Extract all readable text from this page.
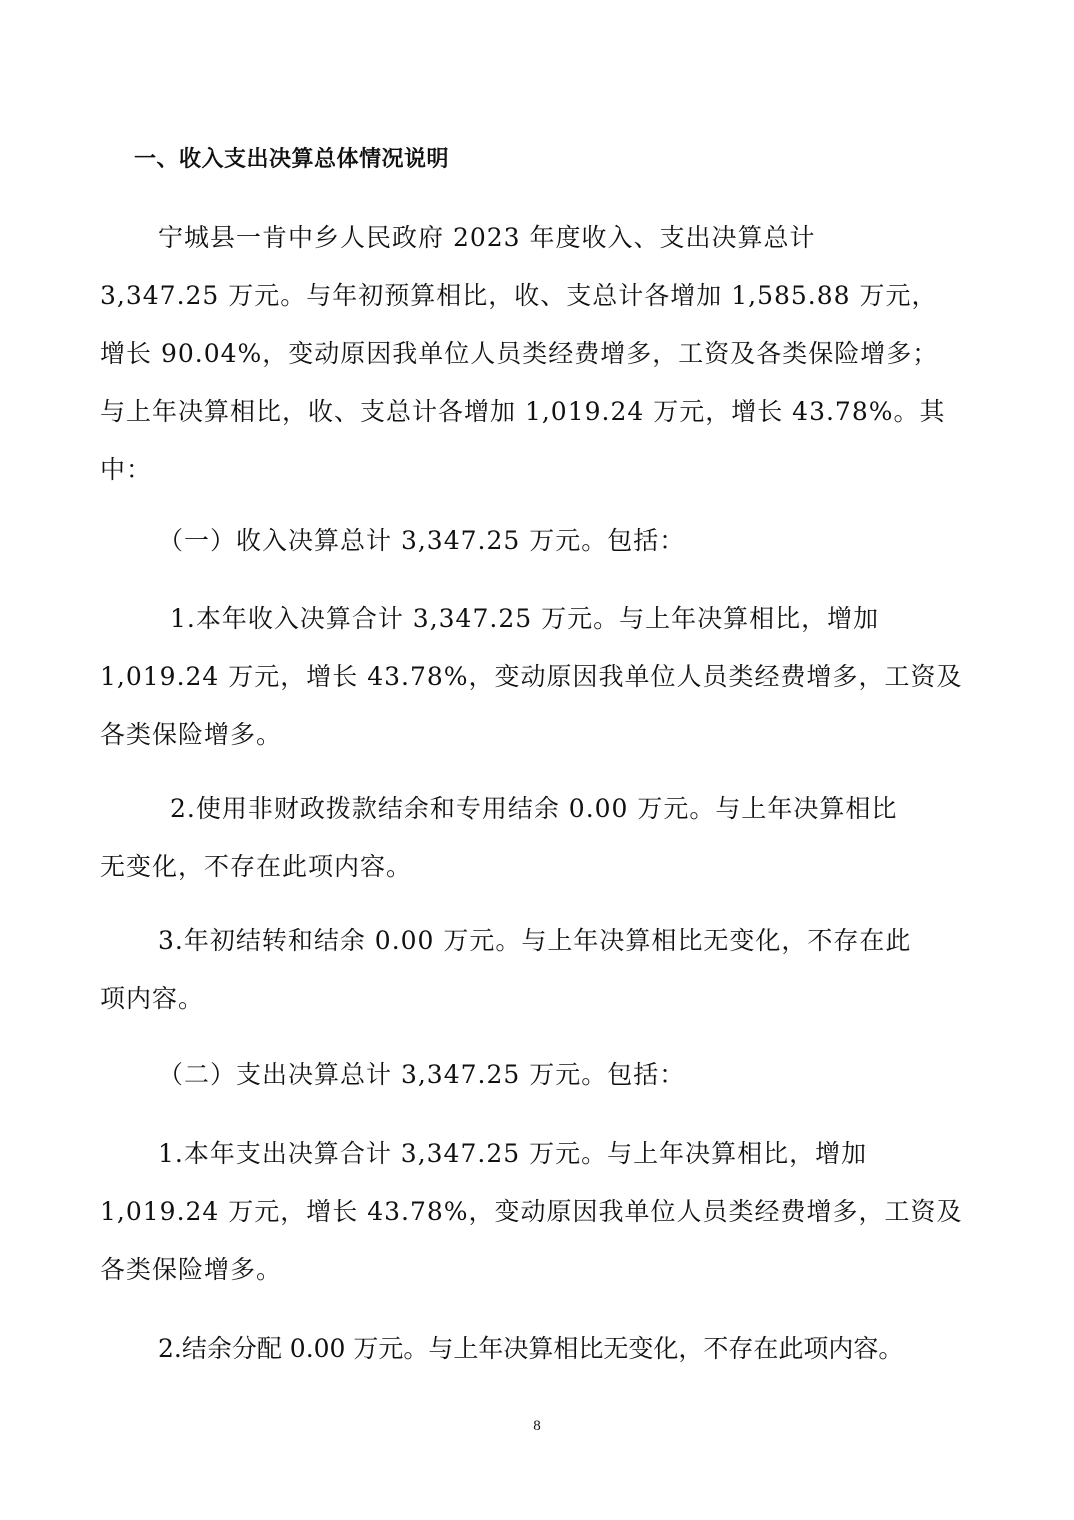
一、收入支出决算总体情况说明
宁城县一肯中乡人民政府 2023 年度收入、支出决算总计
3,347.25 万元。与年初预算相比，收、支总计各增加 1,585.88 万元，
增长 90.04%，变动原因我单位人员类经费增多，工资及各类保险增多；
与上年决算相比，收、支总计各增加 1,019.24 万元，增长 43.78%。其
中：
（一）收入决算总计 3,347.25 万元。包括：
1.本年收入决算合计 3,347.25 万元。与上年决算相比，增加
1,019.24 万元，增长 43.78%，变动原因我单位人员类经费增多，工资及
各类保险增多。
2.使用非财政拨款结余和专用结余 0.00 万元。与上年决算相比
无变化，不存在此项内容。
3.年初结转和结余 0.00 万元。与上年决算相比无变化，不存在此
项内容。
（二）支出决算总计 3,347.25 万元。包括：
1.本年支出决算合计 3,347.25 万元。与上年决算相比，增加
1,019.24 万元，增长 43.78%，变动原因我单位人员类经费增多，工资及
各类保险增多。
2.结余分配 0.00 万元。与上年决算相比无变化，不存在此项内容。
8
